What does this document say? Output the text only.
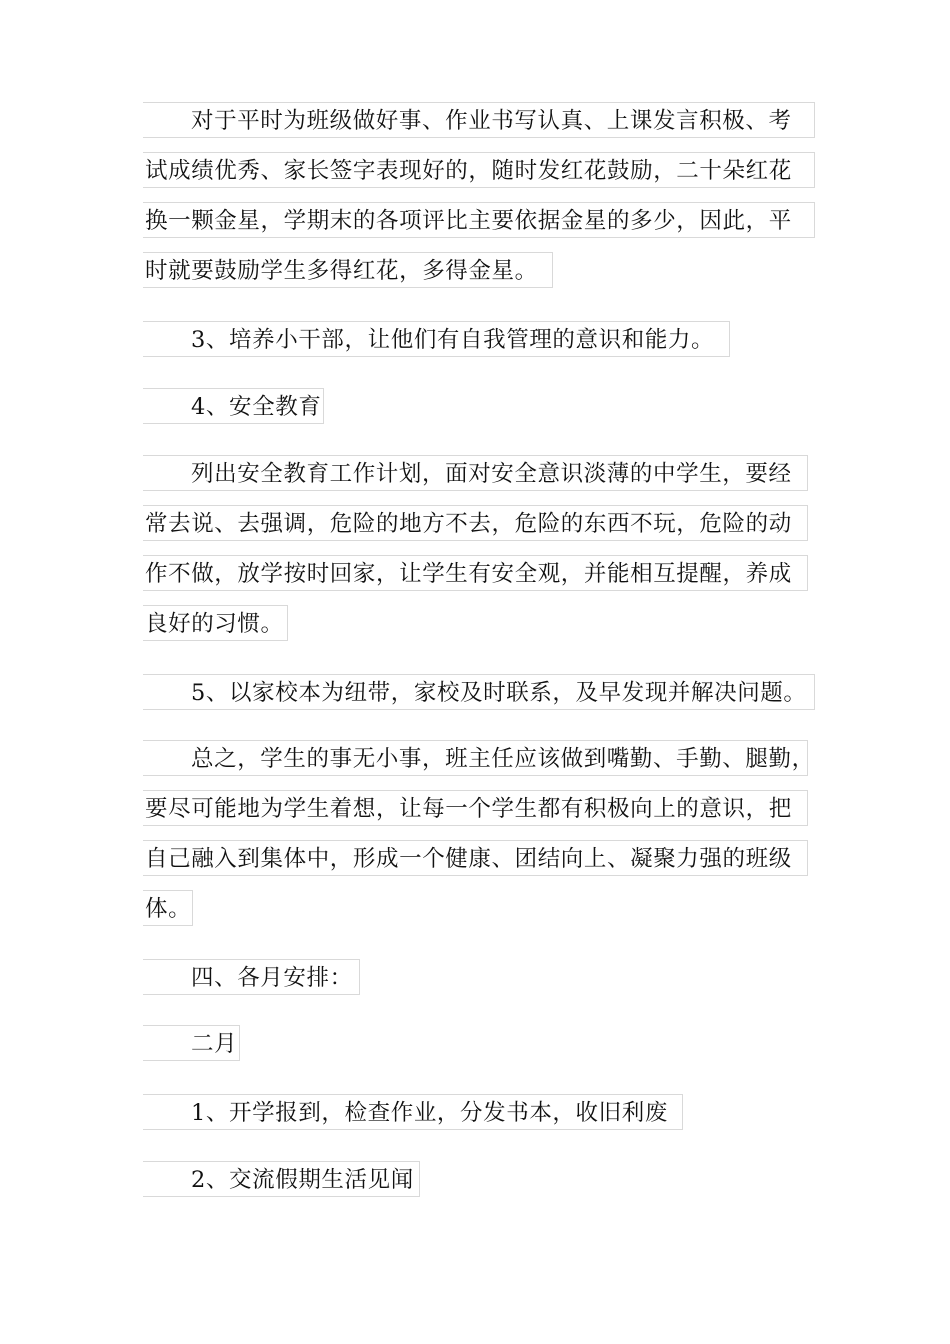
对于平时为班级做好事、作业书写认真、上课发言积极、考
试成绩优秀、家长签字表现好的，随时发红花鼓励，二十朵红花
换一颗金星，学期末的各项评比主要依据金星的多少，因此，平
时就要鼓励学生多得红花，多得金星。
3、培养小干部，让他们有自我管理的意识和能力。
4、安全教育
列出安全教育工作计划，面对安全意识淡薄的中学生，要经
常去说、去强调，危险的地方不去，危险的东西不玩，危险的动
作不做，放学按时回家，让学生有安全观，并能相互提醒，养成
良好的习惯。
5、以家校本为纽带，家校及时联系，及早发现并解决问题。
总之，学生的事无小事，班主任应该做到嘴勤、手勤、腿勤，
要尽可能地为学生着想，让每一个学生都有积极向上的意识，把
自己融入到集体中，形成一个健康、团结向上、凝聚力强的班级
体。
四、各月安排：
二月
1、开学报到，检查作业，分发书本，收旧利废
2、交流假期生活见闻
